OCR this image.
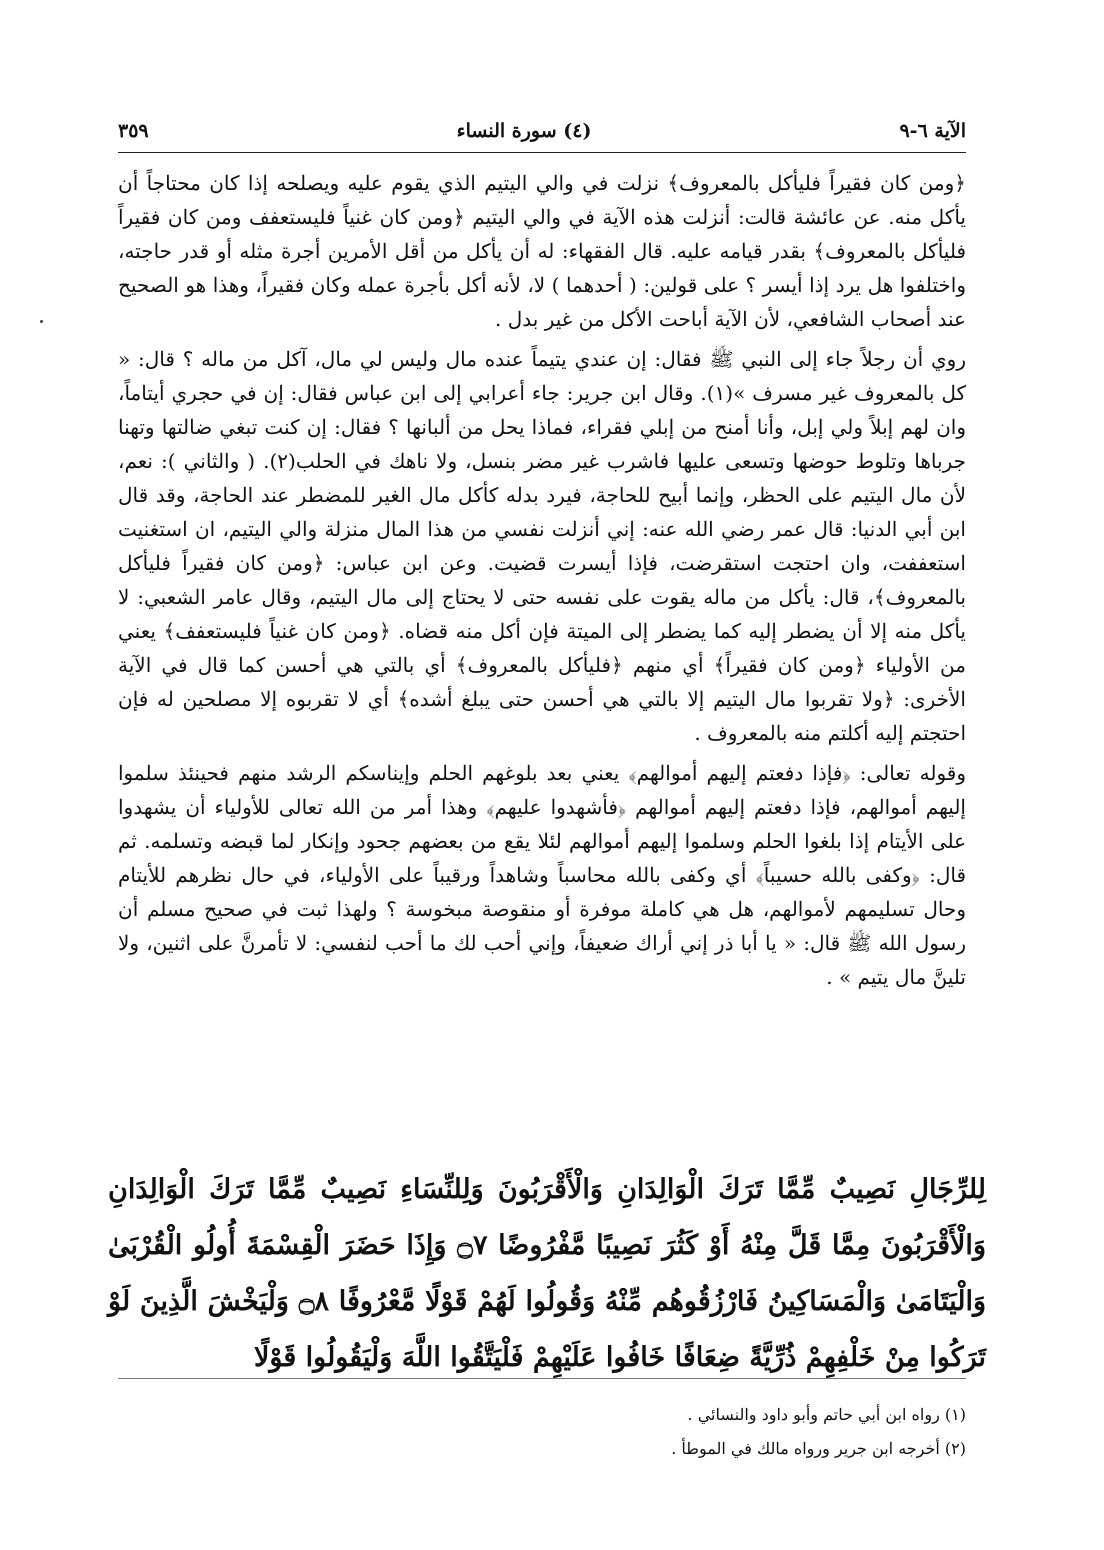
الآية ٦-٩
(٤) سورة النساء
٣٥٩

﴿ومن كان فقيراً فليأكل بالمعروف﴾ نزلت في والي اليتيم الذي يقوم عليه ويصلحه إذا كان محتاجاً أن يأكل منه. عن عائشة قالت: أنزلت هذه الآية في والي اليتيم ﴿ومن كان غنياً فليستعفف ومن كان فقيراً فليأكل بالمعروف﴾ بقدر قيامه عليه. قال الفقهاء: له أن يأكل من أقل الأمرين أجرة مثله أو قدر حاجته، واختلفوا هل يرد إذا أيسر ؟ على قولين: ( أحدهما ) لا، لأنه أكل بأجرة عمله وكان فقيراً، وهذا هو الصحيح عند أصحاب الشافعي، لأن الآية أباحت الأكل من غير بدل .

روي أن رجلاً جاء إلى النبي ﷺ فقال: إن عندي يتيماً عنده مال وليس لي مال، آكل من ماله ؟ قال: « كل بالمعروف غير مسرف »(١). وقال ابن جرير: جاء أعرابي إلى ابن عباس فقال: إن في حجري أيتاماً، وان لهم إبلاً ولي إبل، وأنا أمنح من إبلي فقراء، فماذا يحل من ألبانها ؟ فقال: إن كنت تبغي ضالتها وتهنا جرباها وتلوط حوضها وتسعى عليها فاشرب غير مضر بنسل، ولا ناهك في الحلب(٢). ( والثاني ): نعم، لأن مال اليتيم على الحظر، وإنما أبيح للحاجة، فيرد بدله كأكل مال الغير للمضطر عند الحاجة، وقد قال ابن أبي الدنيا: قال عمر رضي الله عنه: إني أنزلت نفسي من هذا المال منزلة والي اليتيم، ان استغنيت استعففت، وان احتجت استقرضت، فإذا أيسرت قضيت. وعن ابن عباس: ﴿ومن كان فقيراً فليأكل بالمعروف﴾، قال: يأكل من ماله يقوت على نفسه حتى لا يحتاج إلى مال اليتيم، وقال عامر الشعبي: لا يأكل منه إلا أن يضطر إليه كما يضطر إلى الميتة فإن أكل منه قضاه. ﴿ومن كان غنياً فليستعفف﴾ يعني من الأولياء ﴿ومن كان فقيراً﴾ أي منهم ﴿فليأكل بالمعروف﴾ أي بالتي هي أحسن كما قال في الآية الأخرى: ﴿ولا تقربوا مال اليتيم إلا بالتي هي أحسن حتى يبلغ أشده﴾ أي لا تقربوه إلا مصلحين له فإن احتجتم إليه أكلتم منه بالمعروف .

وقوله تعالى: ﴿فإذا دفعتم إليهم أموالهم﴾ يعني بعد بلوغهم الحلم وإيناسكم الرشد منهم فحينئذ سلموا إليهم أموالهم، فإذا دفعتم إليهم أموالهم ﴿فأشهدوا عليهم﴾ وهذا أمر من الله تعالى للأولياء أن يشهدوا على الأيتام إذا بلغوا الحلم وسلموا إليهم أموالهم لئلا يقع من بعضهم جحود وإنكار لما قبضه وتسلمه. ثم قال: ﴿وكفى بالله حسيباً﴾ أي وكفى بالله محاسباً وشاهداً ورقيباً على الأولياء، في حال نظرهم للأيتام وحال تسليمهم لأموالهم، هل هي كاملة موفرة أو منقوصة مبخوسة ؟ ولهذا ثبت في صحيح مسلم أن رسول الله ﷺ قال: « يا أبا ذر إني أراك ضعيفاً، وإني أحب لك ما أحب لنفسي: لا تأمرنَّ على اثنين، ولا تلينَّ مال يتيم » .

لِلرِّجَالِ نَصِيبٌ مِّمَّا تَرَكَ الْوَالِدَانِ وَالْأَقْرَبُونَ وَلِلنِّسَاءِ نَصِيبٌ مِّمَّا تَرَكَ الْوَالِدَانِ وَالْأَقْرَبُونَ مِمَّا قَلَّ مِنْهُ أَوْ كَثُرَ نَصِيبًا مَّفْرُوضًا ۝٧ وَإِذَا حَضَرَ الْقِسْمَةَ أُولُو الْقُرْبَىٰ وَالْيَتَامَىٰ وَالْمَسَاكِينُ فَارْزُقُوهُم مِّنْهُ وَقُولُوا لَهُمْ قَوْلًا مَّعْرُوفًا ۝٨ وَلْيَخْشَ الَّذِينَ لَوْ تَرَكُوا مِنْ خَلْفِهِمْ ذُرِّيَّةً ضِعَافًا خَافُوا عَلَيْهِمْ فَلْيَتَّقُوا اللَّهَ وَلْيَقُولُوا قَوْلًا

(١) رواه ابن أبي حاتم وأبو داود والنسائي .

(٢) أخرجه ابن جرير ورواه مالك في الموطأ .
